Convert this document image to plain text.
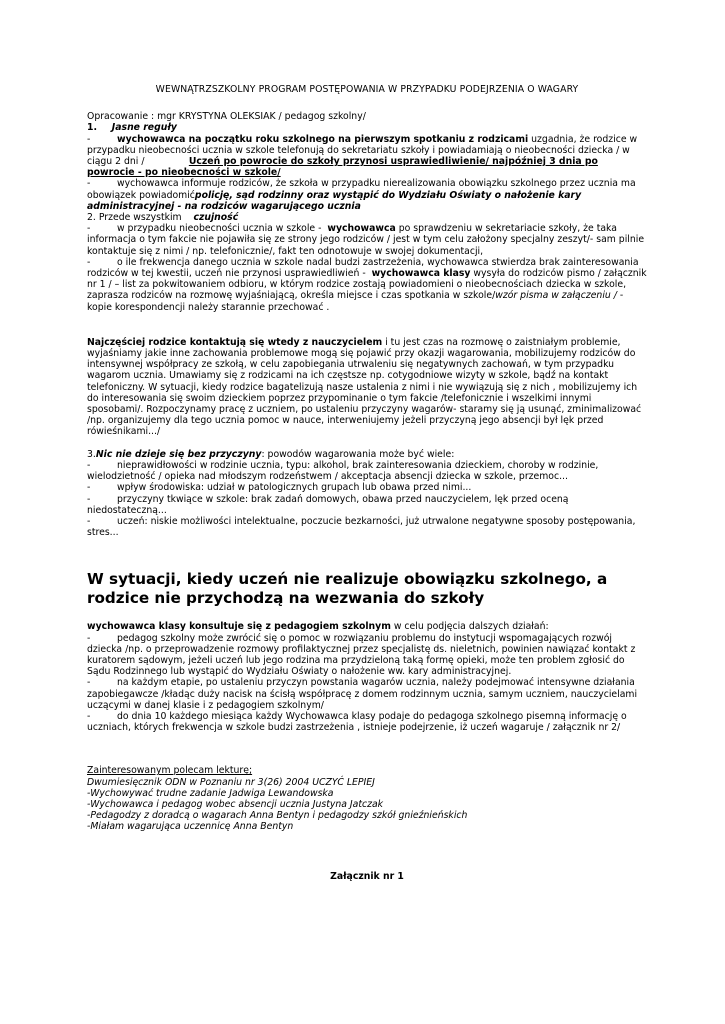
WEWNĄTRZSZKOLNY PROGRAM POSTĘPOWANIA W PRZYPADKU PODEJRZENIA O WAGARY

Opracowanie : mgr KRYSTYNA OLEKSIAK / pedagog szkolny/

1. Jasne reguły

-	wychowawca na początku roku szkolnego na pierwszym spotkaniu z rodzicami uzgadnia, że rodzice w przypadku nieobecności ucznia w szkole telefonują do sekretariatu szkoły i powiadamiają o nieobecności dziecka / w ciągu 2 dni /	Uczeń po powrocie do szkoły przynosi usprawiedliwienie/ najpóźniej 3 dnia po powrocie - po nieobecności w szkole/

-	wychowawca informuje rodziców, że szkoła w przypadku nierealizowania obowiązku szkolnego przez ucznia ma obowiązek powiadomićpolicję, sąd rodzinny oraz wystąpić do Wydziału Oświaty o nałożenie kary administracyjnej - na rodziców wagarującego ucznia

2. Przede wszystkim czujność

-	w przypadku nieobecności ucznia w szkole - wychowawca po sprawdzeniu w sekretariacie szkoły, że taka informacja o tym fakcie nie pojawiła się ze strony jego rodziców / jest w tym celu założony specjalny zeszyt/- sam pilnie kontaktuje się z nimi / np. telefonicznie/, fakt ten odnotowuje w swojej dokumentacji,

-	o ile frekwencja danego ucznia w szkole nadal budzi zastrzeżenia, wychowawca stwierdza brak zainteresowania rodziców w tej kwestii, uczeń nie przynosi usprawiedliwień - wychowawca klasy wysyła do rodziców pismo / załącznik nr 1 / – list za pokwitowaniem odbioru, w którym rodzice zostają powiadomieni o nieobecnościach dziecka w szkole, zaprasza rodziców na rozmowę wyjaśniającą, określa miejsce i czas spotkania w szkole/wzór pisma w załączeniu / - kopie korespondencji należy starannie przechować .

Najczęściej rodzice kontaktują się wtedy z nauczycielem i tu jest czas na rozmowę o zaistniałym problemie, wyjaśniamy jakie inne zachowania problemowe mogą się pojawić przy okazji wagarowania, mobilizujemy rodziców do intensywnej współpracy ze szkołą, w celu zapobiegania utrwaleniu się negatywnych zachowań, w tym przypadku wagarom ucznia. Umawiamy się z rodzicami na ich częstsze np. cotygodniowe wizyty w szkole, bądź na kontakt telefoniczny. W sytuacji, kiedy rodzice bagatelizują nasze ustalenia z nimi i nie wywiązują się z nich , mobilizujemy ich do interesowania się swoim dzieckiem poprzez przypominanie o tym fakcie /telefonicznie i wszelkimi innymi sposobami/. Rozpoczynamy pracę z uczniem, po ustaleniu przyczyny wagarów- staramy się ją usunąć, zminimalizować /np. organizujemy dla tego ucznia pomoc w nauce, interweniujemy jeżeli przyczyną jego absencji był lęk przed rówieśnikami.../

3.Nic nie dzieje się bez przyczyny: powodów wagarowania może być wiele:

-	nieprawidłowości w rodzinie ucznia, typu: alkohol, brak zainteresowania dzieckiem, choroby w rodzinie, wielodzietność / opieka nad młodszym rodzeństwem / akceptacja absencji dziecka w szkole, przemoc...

-	wpływ środowiska: udział w patologicznych grupach lub obawa przed nimi...

-	przyczyny tkwiące w szkole: brak zadań domowych, obawa przed nauczycielem, lęk przed oceną niedostateczną...

-	uczeń: niskie możliwości intelektualne, poczucie bezkarności, już utrwalone negatywne sposoby postępowania, stres...

W sytuacji, kiedy uczeń nie realizuje obowiązku szkolnego, a rodzice nie przychodzą na wezwania do szkoły

wychowawca klasy konsultuje się z pedagogiem szkolnym w celu podjęcia dalszych działań:

-	pedagog szkolny może zwrócić się o pomoc w rozwiązaniu problemu do instytucji wspomagających rozwój dziecka /np. o przeprowadzenie rozmowy profilaktycznej przez specjalistę ds. nieletnich, powinien nawiązać kontakt z kuratorem sądowym, jeżeli uczeń lub jego rodzina ma przydzieloną taką formę opieki, może ten problem zgłosić do Sądu Rodzinnego lub wystąpić do Wydziału Oświaty o nałożenie ww. kary administracyjnej.

-	na każdym etapie, po ustaleniu przyczyn powstania wagarów ucznia, należy podejmować intensywne działania zapobiegawcze /kładąc duży nacisk na ścisłą współpracę z domem rodzinnym ucznia, samym uczniem, nauczycielami uczącymi w danej klasie i z pedagogiem szkolnym/

-	do dnia 10 każdego miesiąca każdy Wychowawca klasy podaje do pedagoga szkolnego pisemną informację o uczniach, których frekwencja w szkole budzi zastrzeżenia , istnieje podejrzenie, iż uczeń wagaruje / załącznik nr 2/

Zainteresowanym polecam lekturę;

Dwumiesięcznik ODN w Poznaniu nr 3(26) 2004 UCZYĆ LEPIEJ

-Wychowywać trudne zadanie Jadwiga Lewandowska

-Wychowawca i pedagog wobec absencji ucznia Justyna Jatczak

-Pedagodzy z doradcą o wagarach Anna Bentyn i pedagodzy szkół gnieźnieńskich

-Miałam wagarująca uczennicę Anna Bentyn

Załącznik nr 1
